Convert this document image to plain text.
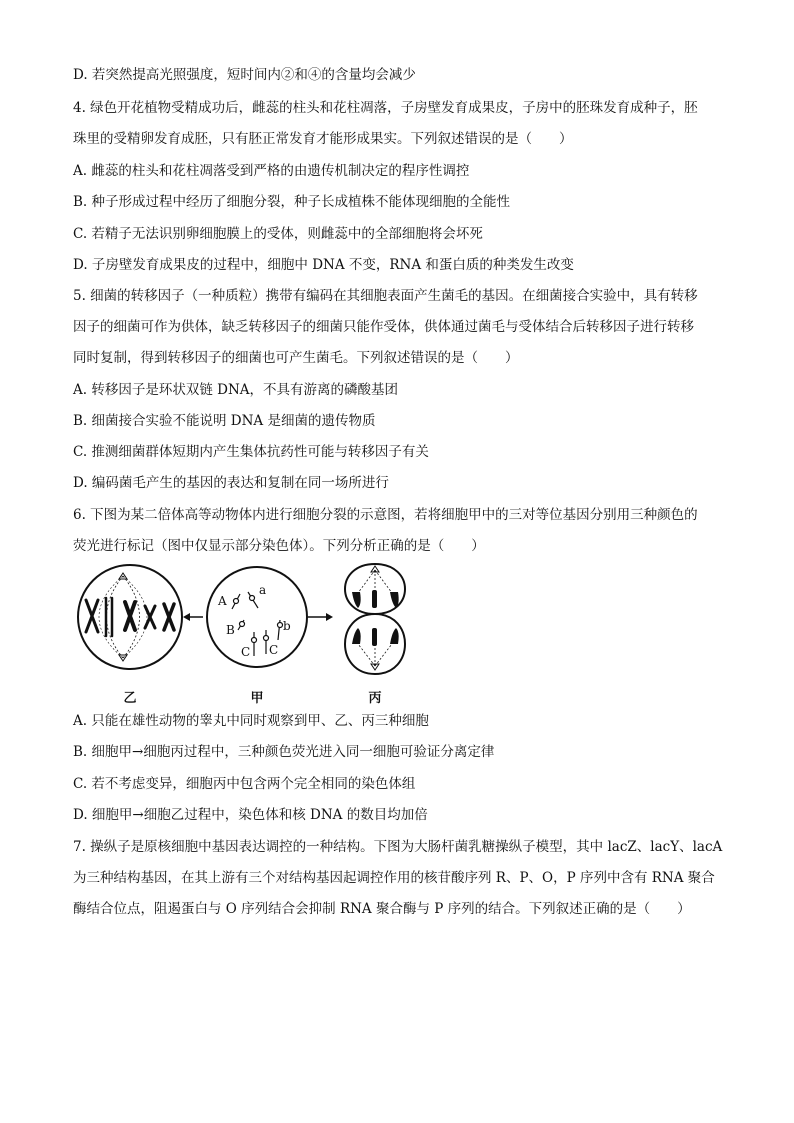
D. 若突然提高光照强度，短时间内②和④的含量均会减少
4. 绿色开花植物受精成功后，雌蕊的柱头和花柱凋落，子房壁发育成果皮，子房中的胚珠发育成种子，胚
珠里的受精卵发育成胚，只有胚正常发育才能形成果实。下列叙述错误的是（　　）
A. 雌蕊的柱头和花柱凋落受到严格的由遗传机制决定的程序性调控
B. 种子形成过程中经历了细胞分裂，种子长成植株不能体现细胞的全能性
C. 若精子无法识别卵细胞膜上的受体，则雌蕊中的全部细胞将会坏死
D. 子房壁发育成果皮的过程中，细胞中 DNA 不变，RNA 和蛋白质的种类发生改变
5. 细菌的转移因子（一种质粒）携带有编码在其细胞表面产生菌毛的基因。在细菌接合实验中，具有转移
因子的细菌可作为供体，缺乏转移因子的细菌只能作受体，供体通过菌毛与受体结合后转移因子进行转移
同时复制，得到转移因子的细菌也可产生菌毛。下列叙述错误的是（　　）
A. 转移因子是环状双链 DNA，不具有游离的磷酸基团
B. 细菌接合实验不能说明 DNA 是细菌的遗传物质
C. 推测细菌群体短期内产生集体抗药性可能与转移因子有关
D. 编码菌毛产生的基因的表达和复制在同一场所进行
6. 下图为某二倍体高等动物体内进行细胞分裂的示意图，若将细胞甲中的三对等位基因分别用三种颜色的
荧光进行标记（图中仅显示部分染色体）。下列分析正确的是（　　）
乙
A
a
B	b
C C
甲	丙
A. 只能在雄性动物的睾丸中同时观察到甲、乙、丙三种细胞
B. 细胞甲→细胞丙过程中，三种颜色荧光进入同一细胞可验证分离定律
C. 若不考虑变异，细胞丙中包含两个完全相同的染色体组
D. 细胞甲→细胞乙过程中，染色体和核 DNA 的数目均加倍
7. 操纵子是原核细胞中基因表达调控的一种结构。下图为大肠杆菌乳糖操纵子模型，其中 lacZ、lacY、lacA
为三种结构基因，在其上游有三个对结构基因起调控作用的核苷酸序列 R、P、O，P 序列中含有 RNA 聚合
酶结合位点，阻遏蛋白与 O 序列结合会抑制 RNA 聚合酶与 P 序列的结合。下列叙述正确的是（　　）
